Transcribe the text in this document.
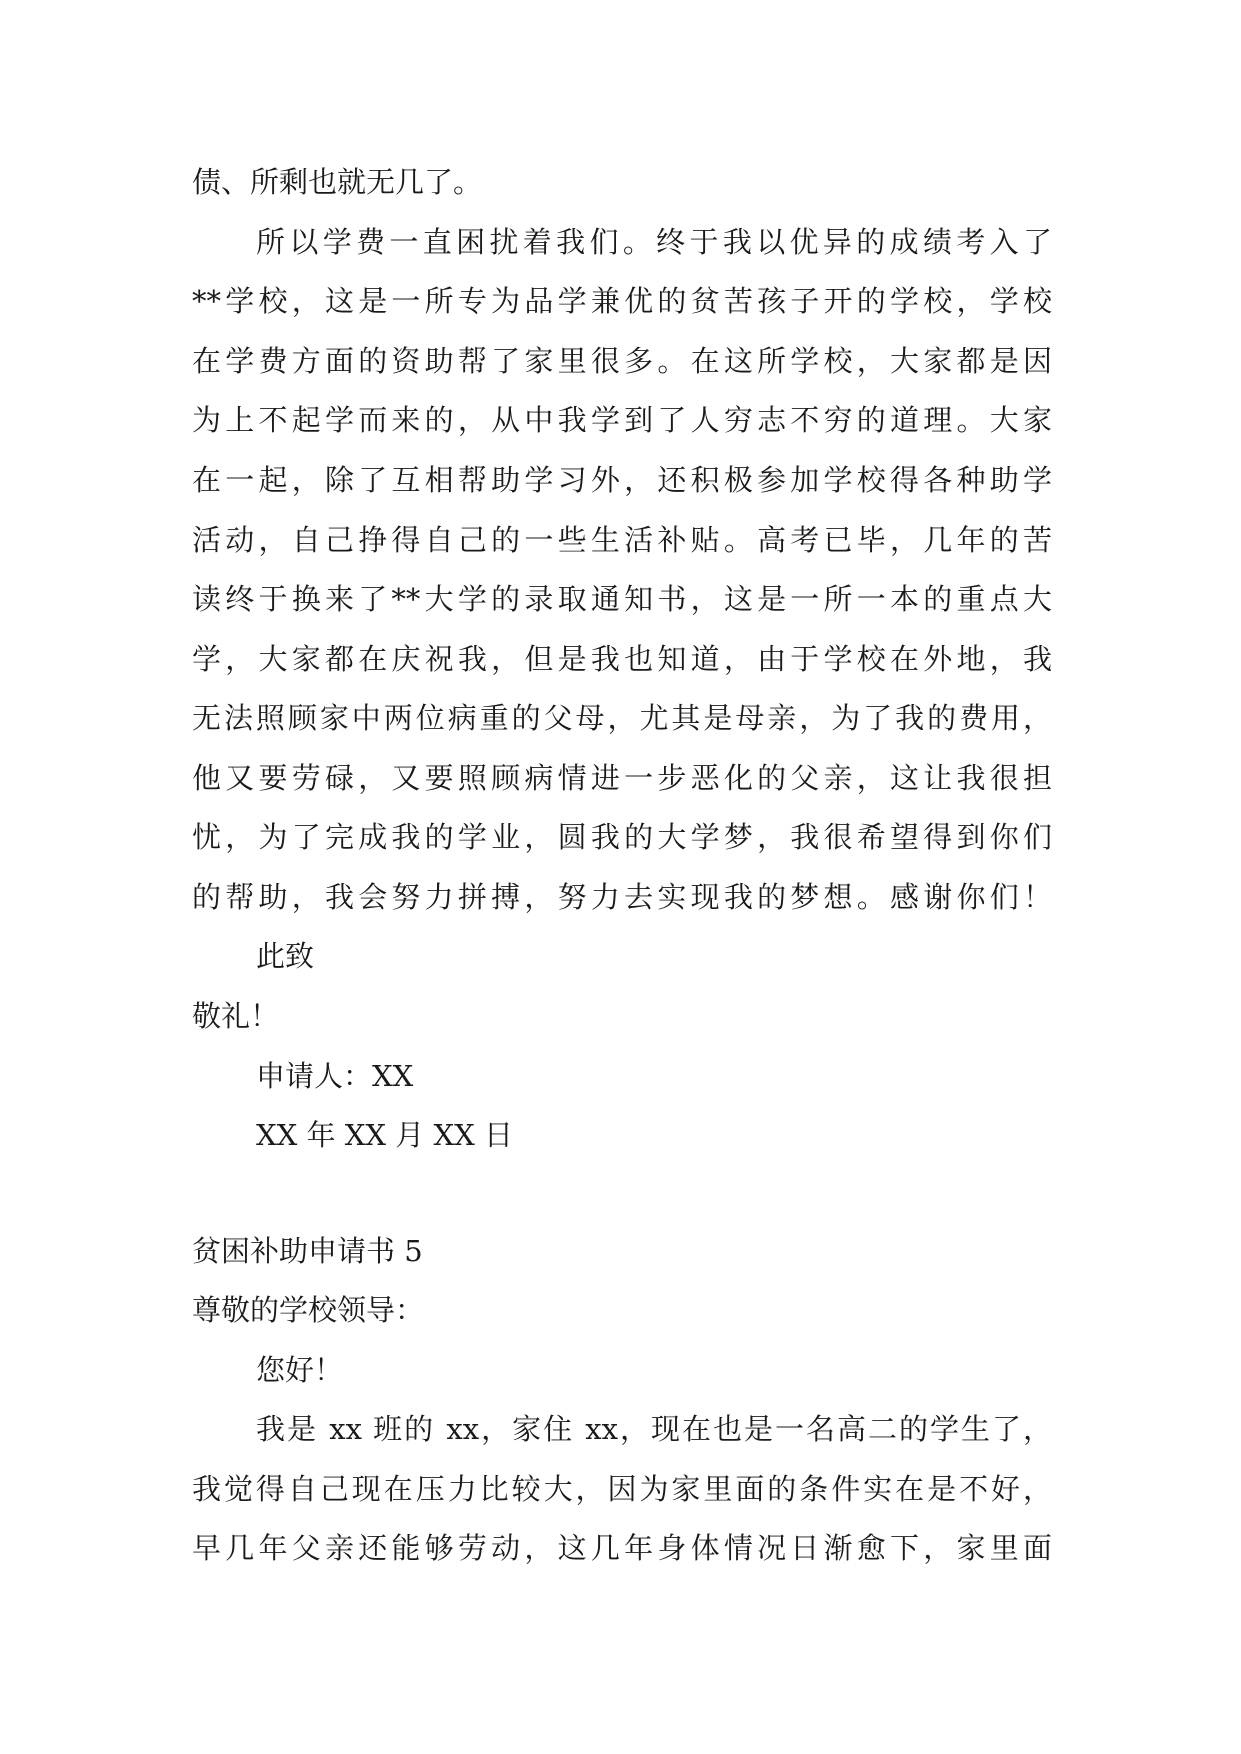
债、所剩也就无几了。
所以学费一直困扰着我们。终于我以优异的成绩考入了
**学校，这是一所专为品学兼优的贫苦孩子开的学校，学校
在学费方面的资助帮了家里很多。在这所学校，大家都是因
为上不起学而来的，从中我学到了人穷志不穷的道理。大家
在一起，除了互相帮助学习外，还积极参加学校得各种助学
活动，自己挣得自己的一些生活补贴。高考已毕，几年的苦
读终于换来了**大学的录取通知书，这是一所一本的重点大
学，大家都在庆祝我，但是我也知道，由于学校在外地，我
无法照顾家中两位病重的父母，尤其是母亲，为了我的费用，
他又要劳碌，又要照顾病情进一步恶化的父亲，这让我很担
忧，为了完成我的学业，圆我的大学梦，我很希望得到你们
的帮助，我会努力拼搏，努力去实现我的梦想。感谢你们！
此致
敬礼！
申请人：XX
XX 年 XX 月 XX 日
贫困补助申请书 5
尊敬的学校领导：
您好！
我是 xx 班的 xx，家住 xx，现在也是一名高二的学生了，
我觉得自己现在压力比较大，因为家里面的条件实在是不好，
早几年父亲还能够劳动，这几年身体情况日渐愈下，家里面
